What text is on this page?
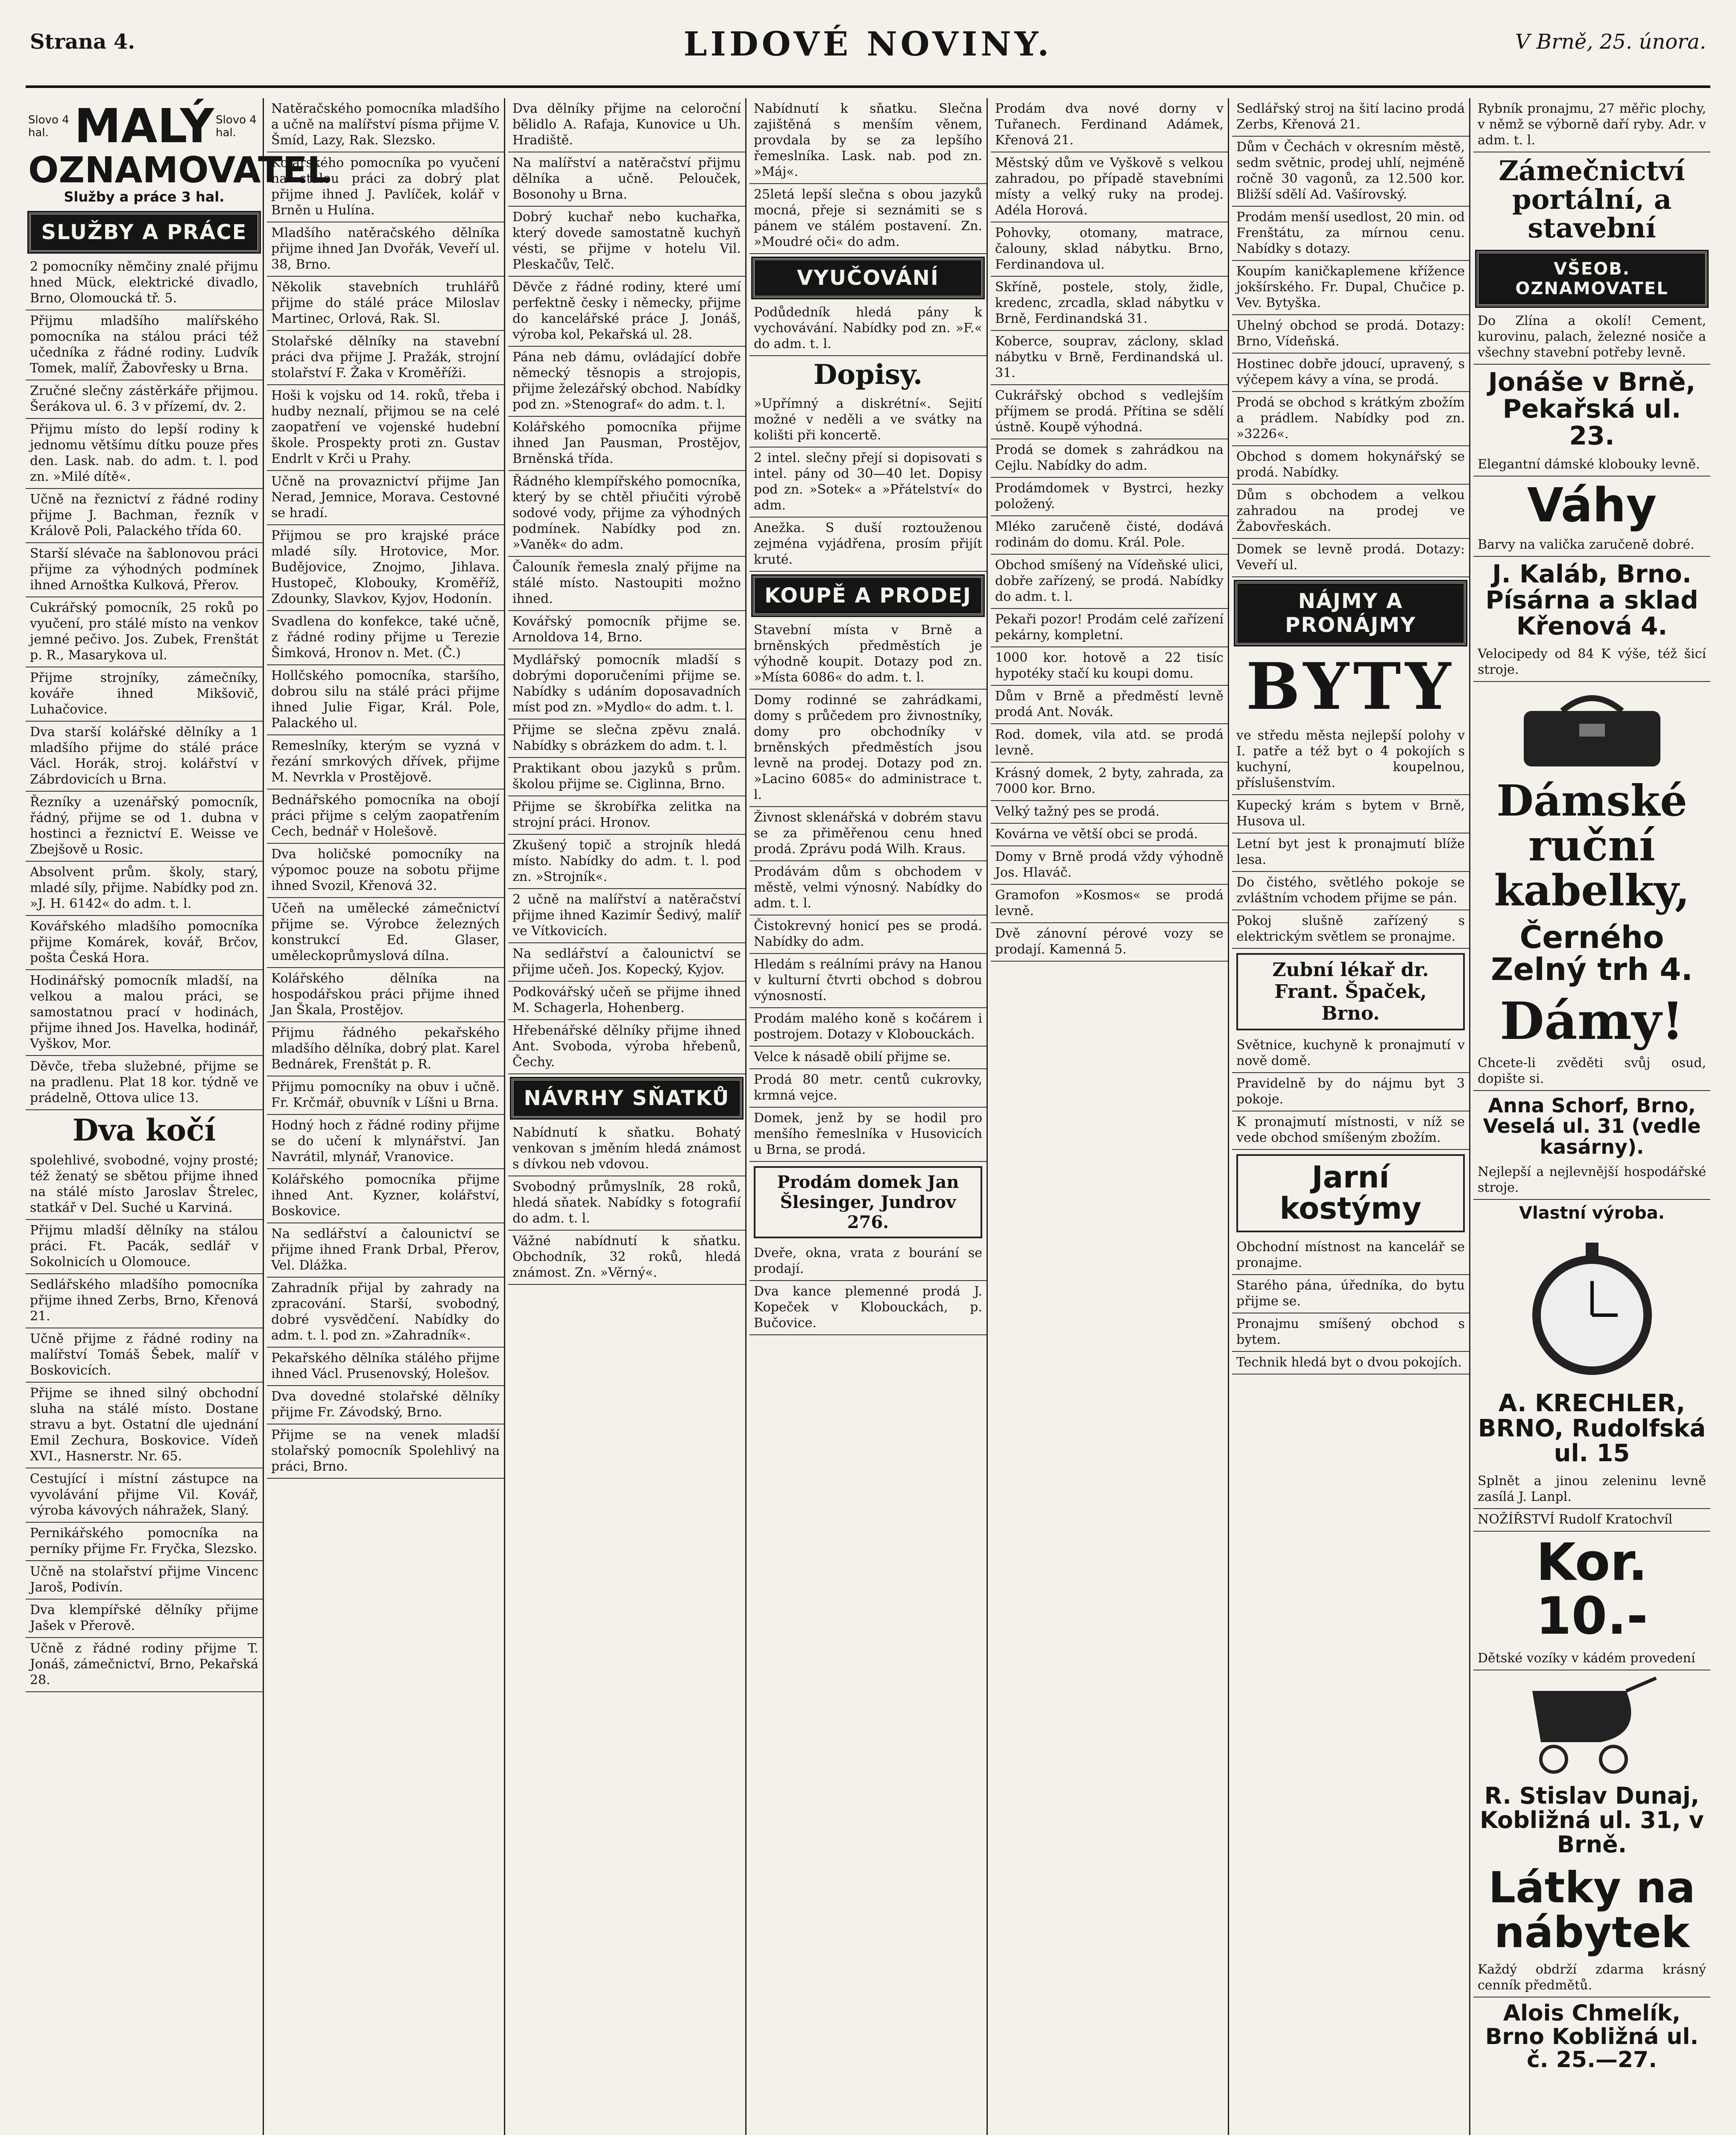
Strana 4.	LIDOVÉ NOVINY.	V Brně, 25. února.
Slovo 4 hal. MALÝ Slovo 4 hal.
OZNAMOVATEL
Služby a práce 3 hal.
SLUŽBY A PRÁCE
2 pomocníky němčiny znalé přijmu hned Mück, elektrické divadlo, Brno, Olomoucká tř. 5.
Přijmu mladšího malířského pomocníka na stálou práci též učedníka z řádné rodiny. Ludvík Tomek, malíř, Žabovřesky u Brna.
Zručné slečny zástěrkáře přijmou. Šerákova ul. 6. 3 v přízemí, dv. 2.
Přijmu místo do lepší rodiny k jednomu většímu dítku pouze přes den. Lask. nab. do adm. t. l. pod zn. »Milé dítě«.
Učně na řeznictví z řádné rodiny přijme J. Bachman, řezník v Králově Poli, Palackého třída 60.
Starší slévače na šablonovou práci přijme za výhodných podmínek ihned Arnoštka Kulková, Přerov.
Cukrářský pomocník, 25 roků po vyučení, pro stálé místo na venkov jemné pečivo. Jos. Zubek, Frenštát p. R., Masarykova ul.
Přijme strojníky, zámečníky, kováře ihned Mikšovič, Luhačovice.
Dva starší kolářské dělníky a 1 mladšího přijme do stálé práce Václ. Horák, stroj. kolářství v Zábrdovicích u Brna.
Řezníky a uzenářský pomocník, řádný, přijme se od 1. dubna v hostinci a řeznictví E. Weisse ve Zbejšově u Rosic.
Absolvent prům. školy, starý, mladé síly, přijme. Nabídky pod zn. »J. H. 6142« do adm. t. l.
Kovářského mladšího pomocníka přijme Komárek, kovář, Brčov, pošta Česká Hora.
Hodinářský pomocník mladší, na velkou a malou práci, se samostatnou prací v hodinách, přijme ihned Jos. Havelka, hodinář, Vyškov, Mor.
Děvče, třeba služebné, přijme se na pradlenu. Plat 18 kor. týdně ve prádelně, Ottova ulice 13.
Dva kočí
spolehlivé, svobodné, vojny prosté; též ženatý se sbětou přijme ihned na stálé místo Jaroslav Štrelec, statkář v Del. Suché u Karviná.
Přijmu mladší dělníky na stálou práci. Ft. Pacák, sedlář v Sokolnicích u Olomouce.
Sedlářského mladšího pomocníka přijme ihned Zerbs, Brno, Křenová 21.
Učně přijme z řádné rodiny na malířství Tomáš Šebek, malíř v Boskovicích.
Přijme se ihned silný obchodní sluha na stálé místo. Dostane stravu a byt. Ostatní dle ujednání Emil Zechura, Boskovice. Vídeň XVI., Hasnerstr. Nr. 65.
Cestující i místní zástupce na vyvolávání přijme Vil. Kovář, výroba kávových náhražek, Slaný.
Pernikářského pomocníka na perníky přijme Fr. Fryčka, Slezsko.
Učně na stolařství přijme Vincenc Jaroš, Podivín.
Dva klempířské dělníky přijme Jašek v Přerově.
Učně z řádné rodiny přijme T. Jonáš, zámečnictví, Brno, Pekařská 28.
Natěračského pomocníka mladšího a učně na malířství písma přijme V. Šmíd, Lazy, Rak. Slezsko.
Kolářského pomocníka po vyučení na stálou práci za dobrý plat přijme ihned J. Pavlíček, kolář v Brněn u Hulína.
Mladšího natěračského dělníka přijme ihned Jan Dvořák, Veveří ul. 38, Brno.
Několik stavebních truhlářů přijme do stálé práce Miloslav Martinec, Orlová, Rak. Sl.
Stolařské dělníky na stavební práci dva přijme J. Pražák, strojní stolařství F. Žaka v Kroměříži.
Hoši k vojsku od 14. roků, třeba i hudby neznalí, přijmou se na celé zaopatření ve vojenské hudební škole. Prospekty proti zn. Gustav Endrlt v Krči u Prahy.
Učně na provaznictví přijme Jan Nerad, Jemnice, Morava. Cestovné se hradí.
Přijmou se pro krajské práce mladé síly. Hrotovice, Mor. Budějovice, Znojmo, Jihlava. Hustopeč, Klobouky, Kroměříž, Zdounky, Slavkov, Kyjov, Hodonín.
Svadlena do konfekce, také učně, z řádné rodiny přijme u Terezie Šimková, Hronov n. Met. (Č.)
Hollčského pomocníka, staršího, dobrou silu na stálé práci přijme ihned Julie Figar, Král. Pole, Palackého ul.
Remeslníky, kterým se vyzná v řezání smrkových dřívek, přijme M. Nevrkla v Prostějově.
Bednářského pomocníka na obojí práci přijme s celým zaopatřením Cech, bednář v Holešově.
Dva holičské pomocníky na výpomoc pouze na sobotu přijme ihned Svozil, Křenová 32.
Učeň na umělecké zámečnictví přijme se. Výrobce železných konstrukcí Ed. Glaser, uměleckoprůmyslová dílna.
Kolářského dělníka na hospodářskou práci přijme ihned Jan Škala, Prostějov.
Přijmu řádného pekařského mladšího dělníka, dobrý plat. Karel Bednárek, Frenštát p. R.
Přijmu pomocníky na obuv i učně. Fr. Krčmář, obuvník v Líšni u Brna.
Hodný hoch z řádné rodiny přijme se do učení k mlynářství. Jan Navrátil, mlynář, Vranovice.
Kolářského pomocníka přijme ihned Ant. Kyzner, kolářství, Boskovice.
Na sedlářství a čalounictví se přijme ihned Frank Drbal, Přerov, Vel. Dlážka.
Zahradník přijal by zahrady na zpracování. Starší, svobodný, dobré vysvědčení. Nabídky do adm. t. l. pod zn. »Zahradník«.
Pekařského dělníka stálého přijme ihned Václ. Prusenovský, Holešov.
Dva dovedné stolařské dělníky přijme Fr. Závodský, Brno.
Přijme se na venek mladší stolařský pomocník Spolehlivý na práci, Brno.
Dva dělníky přijme na celoroční bělidlo A. Rafaja, Kunovice u Uh. Hradiště.
Na malířství a natěračství přijmu dělníka a učně. Pelouček, Bosonohy u Brna.
Dobrý kuchař nebo kuchařka, který dovede samostatně kuchyň vésti, se přijme v hotelu Vil. Pleskačův, Telč.
Děvče z řádné rodiny, které umí perfektně česky i německy, přijme do kancelářské práce J. Jonáš, výroba kol, Pekařská ul. 28.
Pána neb dámu, ovládající dobře německý těsnopis a strojopis, přijme železářský obchod. Nabídky pod zn. »Stenograf« do adm. t. l.
Kolářského pomocníka přijme ihned Jan Pausman, Prostějov, Brněnská třída.
Řádného klempířského pomocníka, který by se chtěl přiučiti výrobě sodové vody, přijme za výhodných podmínek. Nabídky pod zn. »Vaněk« do adm.
Čalouník řemesla znalý přijme na stálé místo. Nastoupiti možno ihned.
Kovářský pomocník přijme se. Arnoldova 14, Brno.
Mydlářský pomocník mladší s dobrými doporučeními přijme se. Nabídky s udáním doposavadních míst pod zn. »Mydlo« do adm. t. l.
Přijme se slečna zpěvu znalá. Nabídky s obrázkem do adm. t. l.
Praktikant obou jazyků s prům. školou přijme se. Ciglinna, Brno.
Přijme se škrobířka zelitka na strojní práci. Hronov.
Zkušený topič a strojník hledá místo. Nabídky do adm. t. l. pod zn. »Strojník«.
2 učně na malířství a natěračství přijme ihned Kazimír Šedivý, malíř ve Vítkovicích.
Na sedlářství a čalounictví se přijme učeň. Jos. Kopecký, Kyjov.
Podkovářský učeň se přijme ihned M. Schagerla, Hohenberg.
Hřebenářské dělníky přijme ihned Ant. Svoboda, výroba hřebenů, Čechy.
NÁVRHY SŇATKŮ
Nabídnutí k sňatku. Bohatý venkovan s jměním hledá známost s dívkou neb vdovou.
Svobodný průmyslník, 28 roků, hledá sňatek. Nabídky s fotografií do adm. t. l.
Vážné nabídnutí k sňatku. Obchodník, 32 roků, hledá známost. Zn. »Věrný«.
Nabídnutí k sňatku. Slečna zajištěná s menším věnem, provdala by se za lepšího řemeslníka. Lask. nab. pod zn. »Máj«.
25letá lepší slečna s obou jazyků mocná, přeje si seznámiti se s pánem ve stálém postavení. Zn. »Moudré oči« do adm.
VYUČOVÁNÍ
Podůdedník hledá pány k vychovávání. Nabídky pod zn. »F.« do adm. t. l.
Dopisy.
»Upřímný a diskrétní«. Sejití možné v neděli a ve svátky na kolišti při koncertě.
2 intel. slečny přejí si dopisovati s intel. pány od 30—40 let. Dopisy pod zn. »Sotek« a »Přátelství« do adm.
Anežka. S duší roztouženou zejména vyjádřena, prosím přijít kruté.
KOUPĚ A PRODEJ
Stavební místa v Brně a brněnských předměstích je výhodně koupit. Dotazy pod zn. »Místa 6086« do adm. t. l.
Domy rodinné se zahrádkami, domy s průčedem pro živnostníky, domy pro obchodníky v brněnských předměstích jsou levně na prodej. Dotazy pod zn. »Lacino 6085« do administrace t. l.
Živnost sklenářská v dobrém stavu se za přiměřenou cenu hned prodá. Zprávu podá Wilh. Kraus.
Prodávám dům s obchodem v městě, velmi výnosný. Nabídky do adm. t. l.
Čistokrevný honicí pes se prodá. Nabídky do adm.
Hledám s reálními právy na Hanou v kulturní čtvrti obchod s dobrou výnosností.
Prodám malého koně s kočárem i postrojem. Dotazy v Klobouckách.
Velce k násadě obilí přijme se.
Prodá 80 metr. centů cukrovky, krmná vejce.
Domek, jenž by se hodil pro menšího řemeslníka v Husovicích u Brna, se prodá.
Prodám domek Jan Šlesinger, Jundrov 276.
Dveře, okna, vrata z bourání se prodají.
Dva kance plemenné prodá J. Kopeček v Klobouckách, p. Bučovice.
Prodám dva nové dorny v Tuřanech. Ferdinand Adámek, Křenová 21.
Městský dům ve Vyškově s velkou zahradou, po případě stavebními místy a velký ruky na prodej. Adéla Horová.
Pohovky, otomany, matrace, čalouny, sklad nábytku. Brno, Ferdinandova ul.
Skříně, postele, stoly, židle, kredenc, zrcadla, sklad nábytku v Brně, Ferdinandská 31.
Koberce, souprav, záclony, sklad nábytku v Brně, Ferdinandská ul. 31.
Cukrářský obchod s vedlejším příjmem se prodá. Přítina se sdělí ústně. Koupě výhodná.
Prodá se domek s zahrádkou na Cejlu. Nabídky do adm.
Prodámdomek v Bystrci, hezky položený.
Mléko zaručeně čisté, dodává rodinám do domu. Král. Pole.
Obchod smíšený na Vídeňské ulici, dobře zařízený, se prodá. Nabídky do adm. t. l.
Pekaři pozor! Prodám celé zařízení pekárny, kompletní.
1000 kor. hotově a 22 tisíc hypotéky stačí ku koupi domu.
Dům v Brně a předměstí levně prodá Ant. Novák.
Rod. domek, vila atd. se prodá levně.
Krásný domek, 2 byty, zahrada, za 7000 kor. Brno.
Velký tažný pes se prodá.
Kovárna ve větší obci se prodá.
Domy v Brně prodá vždy výhodně Jos. Hlaváč.
Gramofon »Kosmos« se prodá levně.
Dvě zánovní pérové vozy se prodají. Kamenná 5.
Sedlářský stroj na šití lacino prodá Zerbs, Křenová 21.
Dům v Čechách v okresním městě, sedm světnic, prodej uhlí, nejméně ročně 30 vagonů, za 12.500 kor. Bližší sdělí Ad. Vašírovský.
Prodám menší usedlost, 20 min. od Frenštátu, za mírnou cenu. Nabídky s dotazy.
Koupím kaničkaplemene křížence jokšírského. Fr. Dupal, Chučice p. Vev. Bytyška.
Uhelný obchod se prodá. Dotazy: Brno, Vídeňská.
Hostinec dobře jdoucí, upravený, s výčepem kávy a vína, se prodá.
Prodá se obchod s krátkým zbožím a prádlem. Nabídky pod zn. »3226«.
Obchod s domem hokynářský se prodá. Nabídky.
Dům s obchodem a velkou zahradou na prodej ve Žabovřeskách.
Domek se levně prodá. Dotazy: Veveří ul.
NÁJMY A PRONÁJMY
BYTY
ve středu města nejlepší polohy v I. patře a též byt o 4 pokojích s kuchyní, koupelnou, příslušenstvím.
Kupecký krám s bytem v Brně, Husova ul.
Letní byt jest k pronajmutí blíže lesa.
Do čistého, světlého pokoje se zvláštním vchodem přijme se pán.
Pokoj slušně zařízený s elektrickým světlem se pronajme.
Zubní lékař dr. Frant. Špaček, Brno.
Světnice, kuchyně k pronajmutí v nově domě.
Pravidelně by do nájmu byt 3 pokoje.
K pronajmutí místnosti, v níž se vede obchod smíšeným zbožím.
Jarní kostýmy
Obchodní místnost na kancelář se pronajme.
Starého pána, úředníka, do bytu přijme se.
Pronajmu smíšený obchod s bytem.
Technik hledá byt o dvou pokojích.
Rybník pronajmu, 27 měřic plochy, v němž se výborně daří ryby. Adr. v adm. t. l.
Zámečnictví portální, a stavební
VŠEOB. OZNAMOVATEL
Do Zlína a okolí! Cement, kurovinu, palach, železné nosiče a všechny stavební potřeby levně.
Jonáše v Brně, Pekařská ul. 23.
Elegantní dámské klobouky levně.
Váhy
Barvy na valička zaručeně dobré.
J. Kaláb, Brno. Písárna a sklad Křenová 4.
Velocipedy od 84 K výše, též šicí stroje.
Dámské ruční kabelky,
Černého Zelný trh 4.
Dámy!
Chcete-li zvěděti svůj osud, dopište si.
Anna Schorf, Brno, Veselá ul. 31 (vedle kasárny).
Nejlepší a nejlevnější hospodářské stroje.
Vlastní výroba.
A. KRECHLER, BRNO, Rudolfská ul. 15
Splnět a jinou zeleninu levně zasílá J. Lanpl.
NOŽÍŘSTVÍ Rudolf Kratochvíl
Kor. 10.-
Dětské vozíky v kádém provedení
R. Stislav Dunaj, Kobližná ul. 31, v Brně.
Látky na nábytek
Každý obdrží zdarma krásný cenník předmětů.
Alois Chmelík, Brno Kobližná ul. č. 25.—27.
